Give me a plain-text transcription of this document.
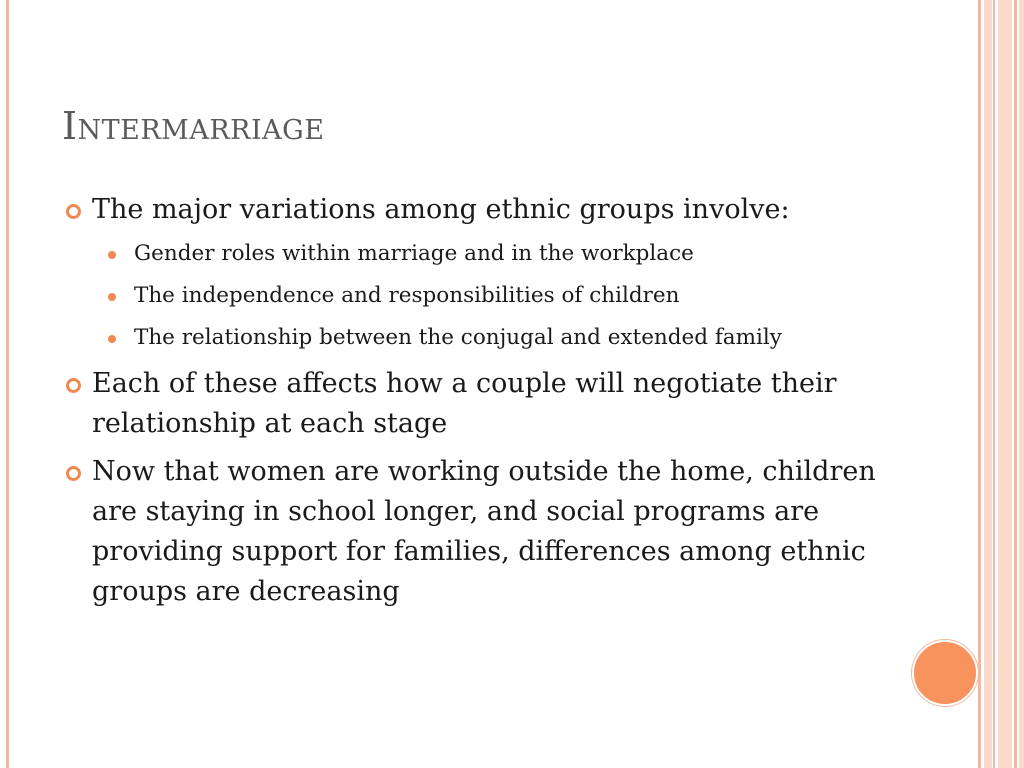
Intermarriage
The major variations among ethnic groups involve:
Gender roles within marriage and in the workplace
The independence and responsibilities of children
The relationship between the conjugal and extended family
Each of these affects how a couple will negotiate their relationship at each stage
Now that women are working outside the home, children are staying in school longer, and social programs are providing support for families, differences among ethnic groups are decreasing
